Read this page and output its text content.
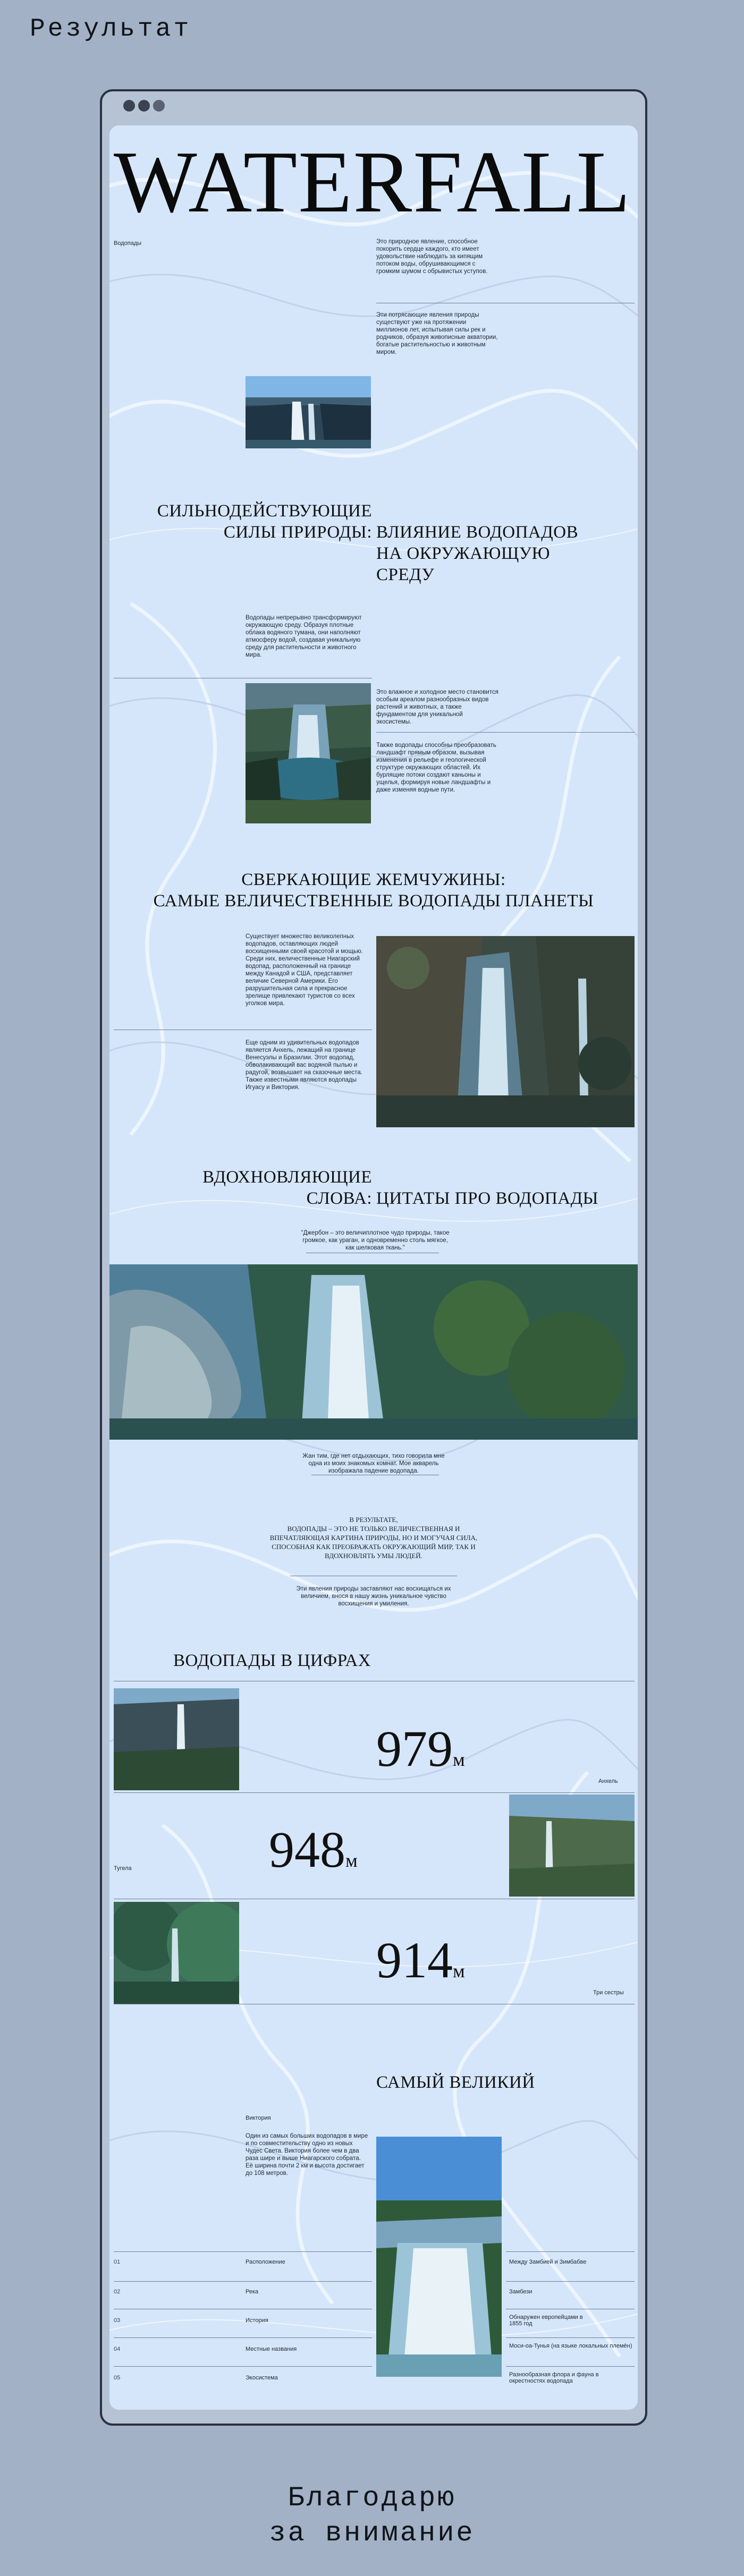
Результат
WATERFALL
Водопады	Это природное явление, способное покорить сердце каждого, кто имеет удовольствие наблюдать за кипящим потоком воды, обрушивающимся с громким шумом с обрывистых уступов.
Эти потрясающие явления природы существуют уже на протяжении миллионов лет, испытывая силы рек и родников, образуя живописные акватории, богатые растительностью и животным миром.
СИЛЬНОДЕЙСТВУЮЩИЕ
СИЛЫ ПРИРОДЫ: ВЛИЯНИЕ ВОДОПАДОВ
НА ОКРУЖАЮЩУЮ
СРЕДУ
Водопады непрерывно трансформируют окружающую среду. Образуя плотные облака водяного тумана, они наполняют атмосферу водой, создавая уникальную среду для растительности и животного мира.
Это влажное и холодное место становится особым ареалом разнообразных видов растений и животных, а также фундаментом для уникальной экосистемы.
Также водопады способны преобразовать ландшафт прямым образом, вызывая изменения в рельефе и геологической структуре окружающих областей. Их бурлящие потоки создают каньоны и ущелья, формируя новые ландшафты и даже изменяя водные пути.
СВЕРКАЮЩИЕ ЖЕМЧУЖИНЫ:
САМЫЕ ВЕЛИЧЕСТВЕННЫЕ ВОДОПАДЫ ПЛАНЕТЫ
Существует множество великолепных водопадов, оставляющих людей восхищенными своей красотой и мощью. Среди них, величественные Ниагарский водопад, расположенный на границе между Канадой и США, представляет величие Северной Америки. Его разрушительная сила и прекрасное зрелище привлекают туристов со всех уголков мира.
Еще одним из удивительных водопадов является Анхель, лежащий на границе Венесуэлы и Бразилии. Этот водопад, обволакивающий вас водяной пылью и радугой, возвышает на сказочные места. Также известными являются водопады Игуасу и Виктория.
ВДОХНОВЛЯЮЩИЕ
СЛОВА: ЦИТАТЫ ПРО ВОДОПАДЫ
"Джербон – это величиплотное чудо природы, такое громкое, как ураган, и одновременно столь мягкое, как шелковая ткань."
Жан тим, где нет отдыхающих, тихо говорила мне одна из моих знакомых комнат. Мое акварель изображала падение водопада.
В РЕЗУЛЬТАТЕ,
ВОДОПАДЫ – ЭТО НЕ ТОЛЬКО ВЕЛИЧЕСТВЕННАЯ И
ВПЕЧАТЛЯЮЩАЯ КАРТИНА ПРИРОДЫ, НО И МОГУЧАЯ СИЛА,
СПОСОБНАЯ КАК ПРЕОБРАЖАТЬ ОКРУЖАЮЩИЙ МИР, ТАК И
ВДОХНОВЛЯТЬ УМЫ ЛЮДЕЙ.
Эти явления природы заставляют нас восхищаться их величием, внося в нашу жизнь уникальное чувство восхищения и умиления.
ВОДОПАДЫ В ЦИФРАХ
979м
Анхель
Тугела	948м
914м
Три сестры
САМЫЙ ВЕЛИКИЙ
Виктория
Один из самых больших водопадов в мире и по совместительству одно из новых Чудес Света. Виктория более чем в два раза шире и выше Ниагарского собрата. Её ширина почти 2 км и высота достигает до 108 метров.
01	Расположение	Между Замбией и Зимбабве
02	Река	Замбези
03	История	Обнаружен европейцами в 1855 год
04	Местные названия	Моси-оа-Тунья (на языке локальных племён)
05	Экосистема	Разнообразная флора и фауна в окрестностях водопада
Благодарю
за внимание
